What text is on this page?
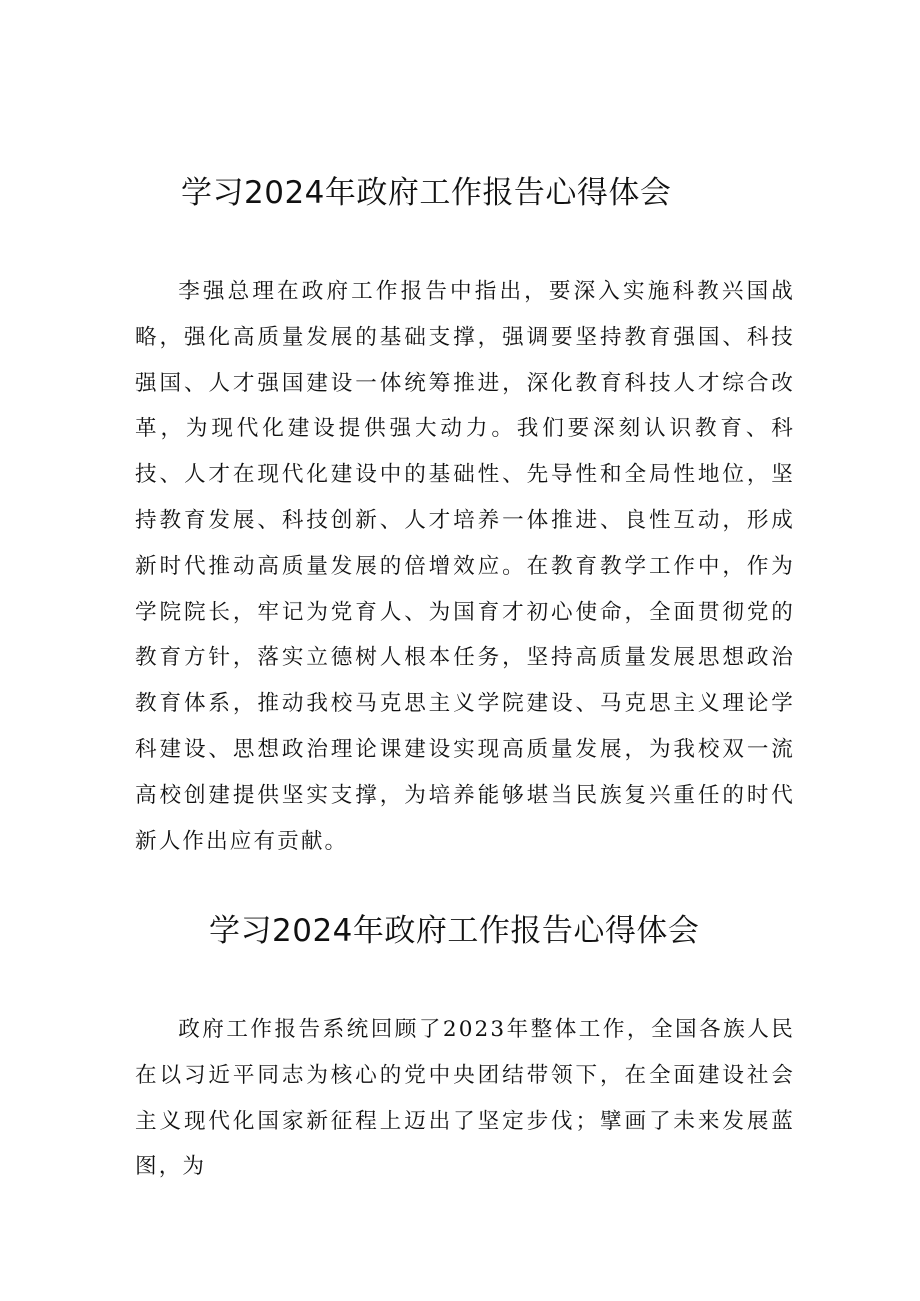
学习2024年政府工作报告心得体会

李强总理在政府工作报告中指出，要深入实施科教兴国战略，强化高质量发展的基础支撑，强调要坚持教育强国、科技强国、人才强国建设一体统筹推进，深化教育科技人才综合改革，为现代化建设提供强大动力。我们要深刻认识教育、科技、人才在现代化建设中的基础性、先导性和全局性地位，坚持教育发展、科技创新、人才培养一体推进、良性互动，形成新时代推动高质量发展的倍增效应。在教育教学工作中，作为学院院长，牢记为党育人、为国育才初心使命，全面贯彻党的教育方针，落实立德树人根本任务，坚持高质量发展思想政治教育体系，推动我校马克思主义学院建设、马克思主义理论学科建设、思想政治理论课建设实现高质量发展，为我校双一流高校创建提供坚实支撑，为培养能够堪当民族复兴重任的时代新人作出应有贡献。

学习2024年政府工作报告心得体会

政府工作报告系统回顾了2023年整体工作，全国各族人民在以习近平同志为核心的党中央团结带领下，在全面建设社会主义现代化国家新征程上迈出了坚定步伐；擘画了未来发展蓝图，为
